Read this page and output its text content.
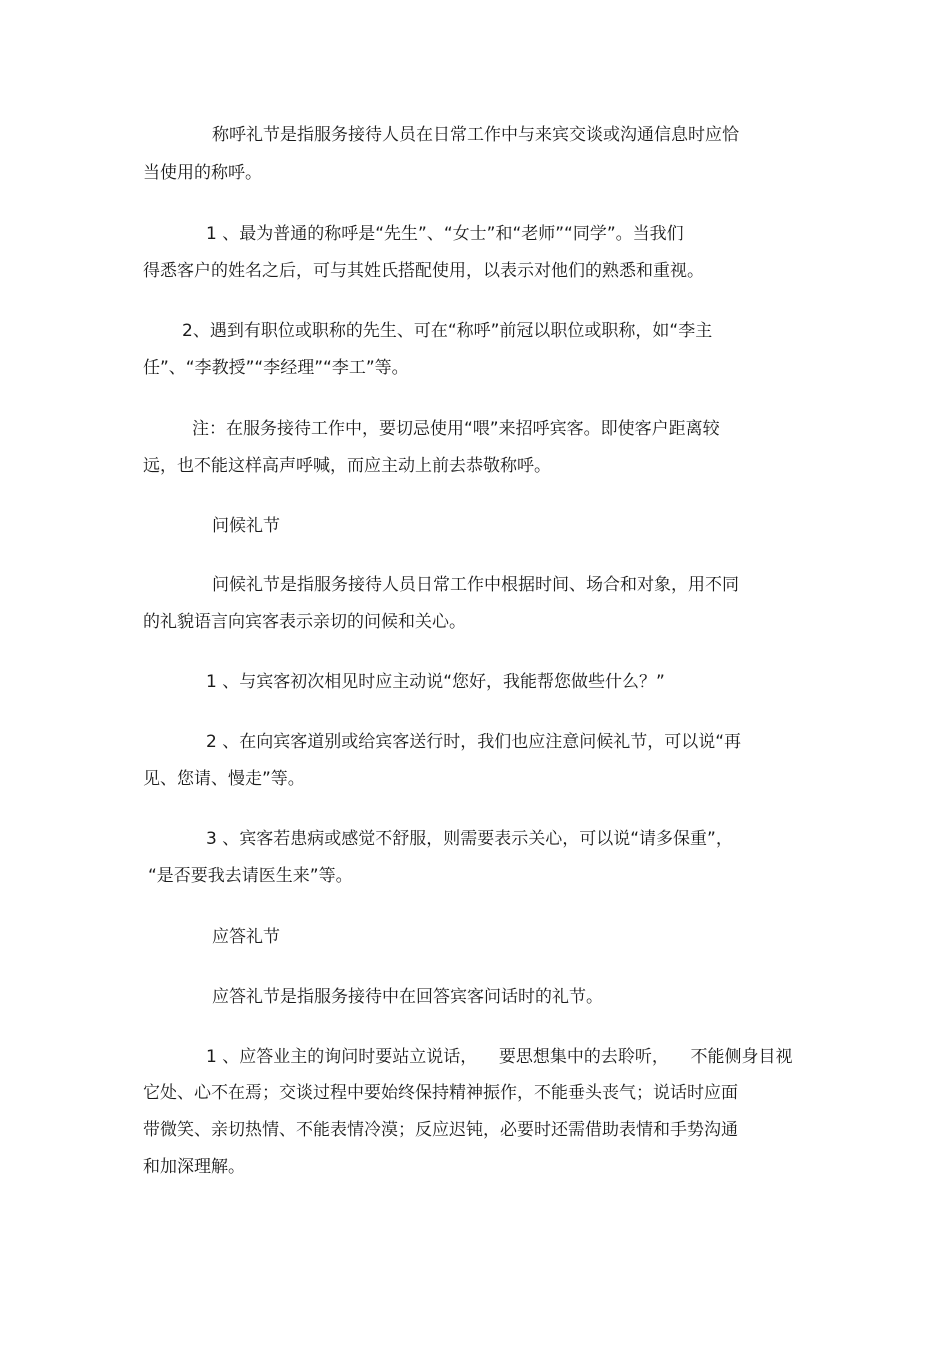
称呼礼节是指服务接待人员在日常工作中与来宾交谈或沟通信息时应恰
当使用的称呼。
1 、最为普通的称呼是“先生”、“女士”和“老师”“同学”。当我们
得悉客户的姓名之后，可与其姓氏搭配使用，以表示对他们的熟悉和重视。
2、遇到有职位或职称的先生、可在“称呼”前冠以职位或职称，如“李主
任”、“李教授”“李经理”“李工”等。
注：在服务接待工作中，要切忌使用“喂”来招呼宾客。即使客户距离较
远，也不能这样高声呼喊，而应主动上前去恭敬称呼。
问候礼节
问候礼节是指服务接待人员日常工作中根据时间、场合和对象，用不同
的礼貌语言向宾客表示亲切的问候和关心。
1 、与宾客初次相见时应主动说“您好，我能帮您做些什么？”
2 、在向宾客道别或给宾客送行时，我们也应注意问候礼节，可以说“再
见、您请、慢走”等。
3 、宾客若患病或感觉不舒服，则需要表示关心，可以说“请多保重”，
“是否要我去请医生来”等。
应答礼节
应答礼节是指服务接待中在回答宾客问话时的礼节。
1 、应答业主的询问时要站立说话，    要思想集中的去聆听，    不能侧身目视
它处、心不在焉；交谈过程中要始终保持精神振作，不能垂头丧气；说话时应面
带微笑、亲切热情、不能表情冷漠；反应迟钝，必要时还需借助表情和手势沟通
和加深理解。
